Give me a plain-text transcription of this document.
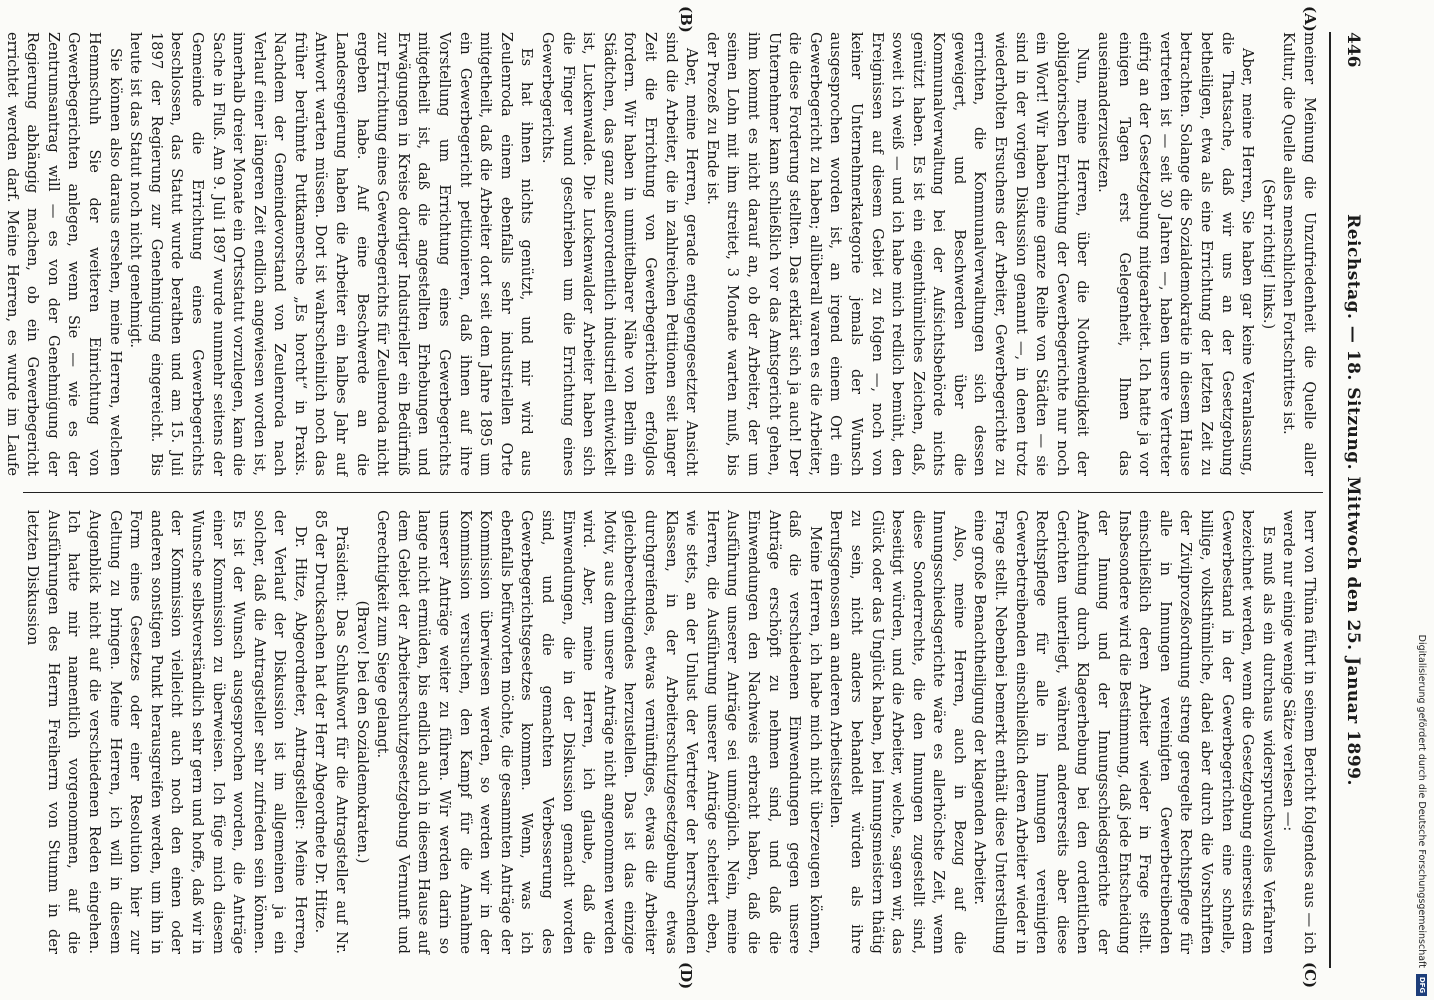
446
Reichstag. — 18. Sitzung. Mittwoch den 25. Januar 1899.
(A)
(B)
(C)
(D)

meiner Meinung die Unzufriedenheit die Quelle aller Kultur, die Quelle alles menschlichen Fortschrittes ist.

(Sehr richtig! links.)

Aber, meine Herren, Sie haben gar keine Veranlassung, die Thatsache, daß wir uns an der Gesetzgebung betheiligen, etwa als eine Errichtung der letzten Zeit zu betrachten. Solange die Sozialdemokratie in diesem Hause vertreten ist — seit 30 Jahren —, haben unsere Vertreter eifrig an der Gesetzgebung mitgearbeitet. Ich hatte ja vor einigen Tagen erst Gelegenheit, Ihnen das auseinanderzusetzen.

Nun, meine Herren, über die Nothwendigkeit der obligatorischen Errichtung der Gewerbegerichte nur noch ein Wort! Wir haben eine ganze Reihe von Städten — sie sind in der vorigen Diskussion genannt —, in denen trotz wiederholten Ersuchens der Arbeiter, Gewerbegerichte zu errichten, die Kommunalverwaltungen sich dessen geweigert, und Beschwerden über die Kommunalverwaltung bei der Aufsichtsbehörde nichts genützt haben. Es ist ein eigenthümliches Zeichen, daß, soweit ich weiß — und ich habe mich redlich bemüht, den Ereignissen auf diesem Gebiet zu folgen —, noch von keiner Unternehmerkategorie jemals der Wunsch ausgesprochen worden ist, an irgend einem Ort ein Gewerbegericht zu haben; allüberall waren es die Arbeiter, die diese Forderung stellten. Das erklärt sich ja auch! Der Unternehmer kann schließlich vor das Amtsgericht gehen, ihm kommt es nicht darauf an, ob der Arbeiter, der um seinen Lohn mit ihm streitet, 3 Monate warten muß, bis der Prozeß zu Ende ist.

Aber, meine Herren, gerade entgegengesetzter Ansicht sind die Arbeiter, die in zahlreichen Petitionen seit langer Zeit die Errichtung von Gewerbegerichten erfolglos fordern. Wir haben in unmittelbarer Nähe von Berlin ein Städtchen, das ganz außerordentlich industriell entwickelt ist, Luckenwalde. Die Luckenwalder Arbeiter haben sich die Finger wund geschrieben um die Errichtung eines Gewerbegerichts.

Es hat ihnen nichts genützt, und mir wird aus Zeulenroda einem ebenfalls sehr industriellen Orte mitgetheilt, daß die Arbeiter dort seit dem Jahre 1895 um ein Gewerbegericht petitionieren, daß ihnen auf ihre Vorstellung um Errichtung eines Gewerbegerichts mitgetheilt ist, daß die angestellten Erhebungen und Erwägungen in Kreise dortiger Industrieller ein Bedürfniß zur Errichtung eines Gewerbegerichts für Zeulenroda nicht ergeben habe. Auf eine Beschwerde an die Landesregierung haben die Arbeiter ein halbes Jahr auf Antwort warten müssen. Dort ist wahrscheinlich noch das früher berühmte Puttkamersche „Es horcht“ in Praxis. Nachdem der Gemeindevorstand von Zeulenroda nach Verlauf einer längeren Zeit endlich angewiesen worden ist, innerhalb dreier Monate ein Ortsstatut vorzulegen, kam die Sache in Fluß. Am 9. Juli 1897 wurde nunmehr seitens der Gemeinde die Errichtung eines Gewerbegerichts beschlossen, das Statut wurde berathen und am 15. Juli 1897 der Regierung zur Genehmigung eingereicht. Bis heute ist das Statut noch nicht genehmigt.

Sie können also daraus ersehen, meine Herren, welchen Hemmschuh Sie der weiteren Einrichtung von Gewerbegerichten anlegen, wenn Sie — wie es der Zentrumsantrag will — es von der Genehmigung der Regierung abhängig machen, ob ein Gewerbegericht errichtet werden darf. Meine Herren, es wurde im Laufe

herr von Thüna führt in seinem Bericht folgendes aus — ich werde nur einige wenige Sätze verlesen —:

Es muß als ein durchaus widerspruchsvolles Verfahren bezeichnet werden, wenn die Gesetzgebung einerseits dem Gewerbestand in der Gewerbegerichten eine schnelle, billige, volksthümliche, dabei aber durch die Vorschriften der Zivilprozeßordnung streng geregelte Rechtspflege für alle in Innungen vereinigten Gewerbetreibenden einschließlich deren Arbeiter wieder in Frage stellt. Insbesondere wird die Bestimmung, daß jede Entscheidung der Innung und der Innungsschiedsgerichte der Anfechtung durch Klageerhebung bei den ordentlichen Gerichten unterliegt, während andererseits aber diese Rechtspflege für alle in Innungen vereinigten Gewerbetreibenden einschließlich deren Arbeiter wieder in Frage stellt. Nebenbei bemerkt enthält diese Unterstellung eine große Benachtheiligung der klagenden Arbeiter.

Also, meine Herren, auch in Bezug auf die Innungsschiedsgerichte wäre es allerhöchste Zeit, wenn diese Sonderrechte, die den Innungen zugestellt sind, beseitigt würden, und die Arbeiter, welche, sagen wir, das Glück oder das Unglück haben, bei Innungsmeistern thätig zu sein, nicht anders behandelt würden als ihre Berufsgenossen an anderen Arbeitsstellen.

Meine Herren, ich habe mich nicht überzeugen können, daß die verschiedenen Einwendungen gegen unsere Anträge erschöpft zu nehmen sind, und daß die Einwendungen den Nachweis erbracht haben, daß die Ausführung unserer Anträge sei unmöglich. Nein, meine Herren, die Ausführung unserer Anträge scheitert eben, wie stets, an der Unlust der Vertreter der herrschenden Klassen, in der Arbeiterschutzgesetzgebung etwas durchgreifendes, etwas vernünftiges, etwas die Arbeiter gleichberechtigendes herzustellen. Das ist das einzige Motiv, aus dem unsere Anträge nicht angenommen werden wird. Aber, meine Herren, ich glaube, daß die Einwendungen, die in der Diskussion gemacht worden sind, und die gemachten Verbesserung des Gewerbegerichtsgesetzes kommen. Wenn, was ich ebenfalls befürworten möchte, die gesammten Anträge der Kommission überwiesen werden, so werden wir in der Kommission versuchen, den Kampf für die Annahme unserer Anträge weiter zu führen. Wir werden darin so lange nicht ermüden, bis endlich auch in diesem Hause auf dem Gebiet der Arbeiterschutzgesetzgebung Vernunft und Gerechtigkeit zum Siege gelangt.

(Bravo! bei den Sozialdemokraten.)

Präsident: Das Schlußwort für die Antragsteller auf Nr. 85 der Drucksachen hat der Herr Abgeordnete Dr. Hitze.

Dr. Hitze, Abgeordneter, Antragsteller: Meine Herren, der Verlauf der Diskussion ist im allgemeinen ja ein solcher, daß die Antragsteller sehr zufrieden sein können. Es ist der Wunsch ausgesprochen worden, die Anträge einer Kommission zu überweisen. Ich füge mich diesem Wunsche selbstverständlich sehr gern und hoffe, daß wir in der Kommission vielleicht auch noch den einen oder anderen sonstigen Punkt herausgreifen werden, um ihn in Form eines Gesetzes oder einer Resolution hier zur Geltung zu bringen. Meine Herren, ich will in diesem Augenblick nicht auf die verschiedenen Reden eingehen. Ich hatte mir namentlich vorgenommen, auf die Ausführungen des Herrn Freiherrn von Stumm in der letzten Diskussion

Digitalisierung gefördert durch die Deutsche Forschungsgemeinschaft DFG
